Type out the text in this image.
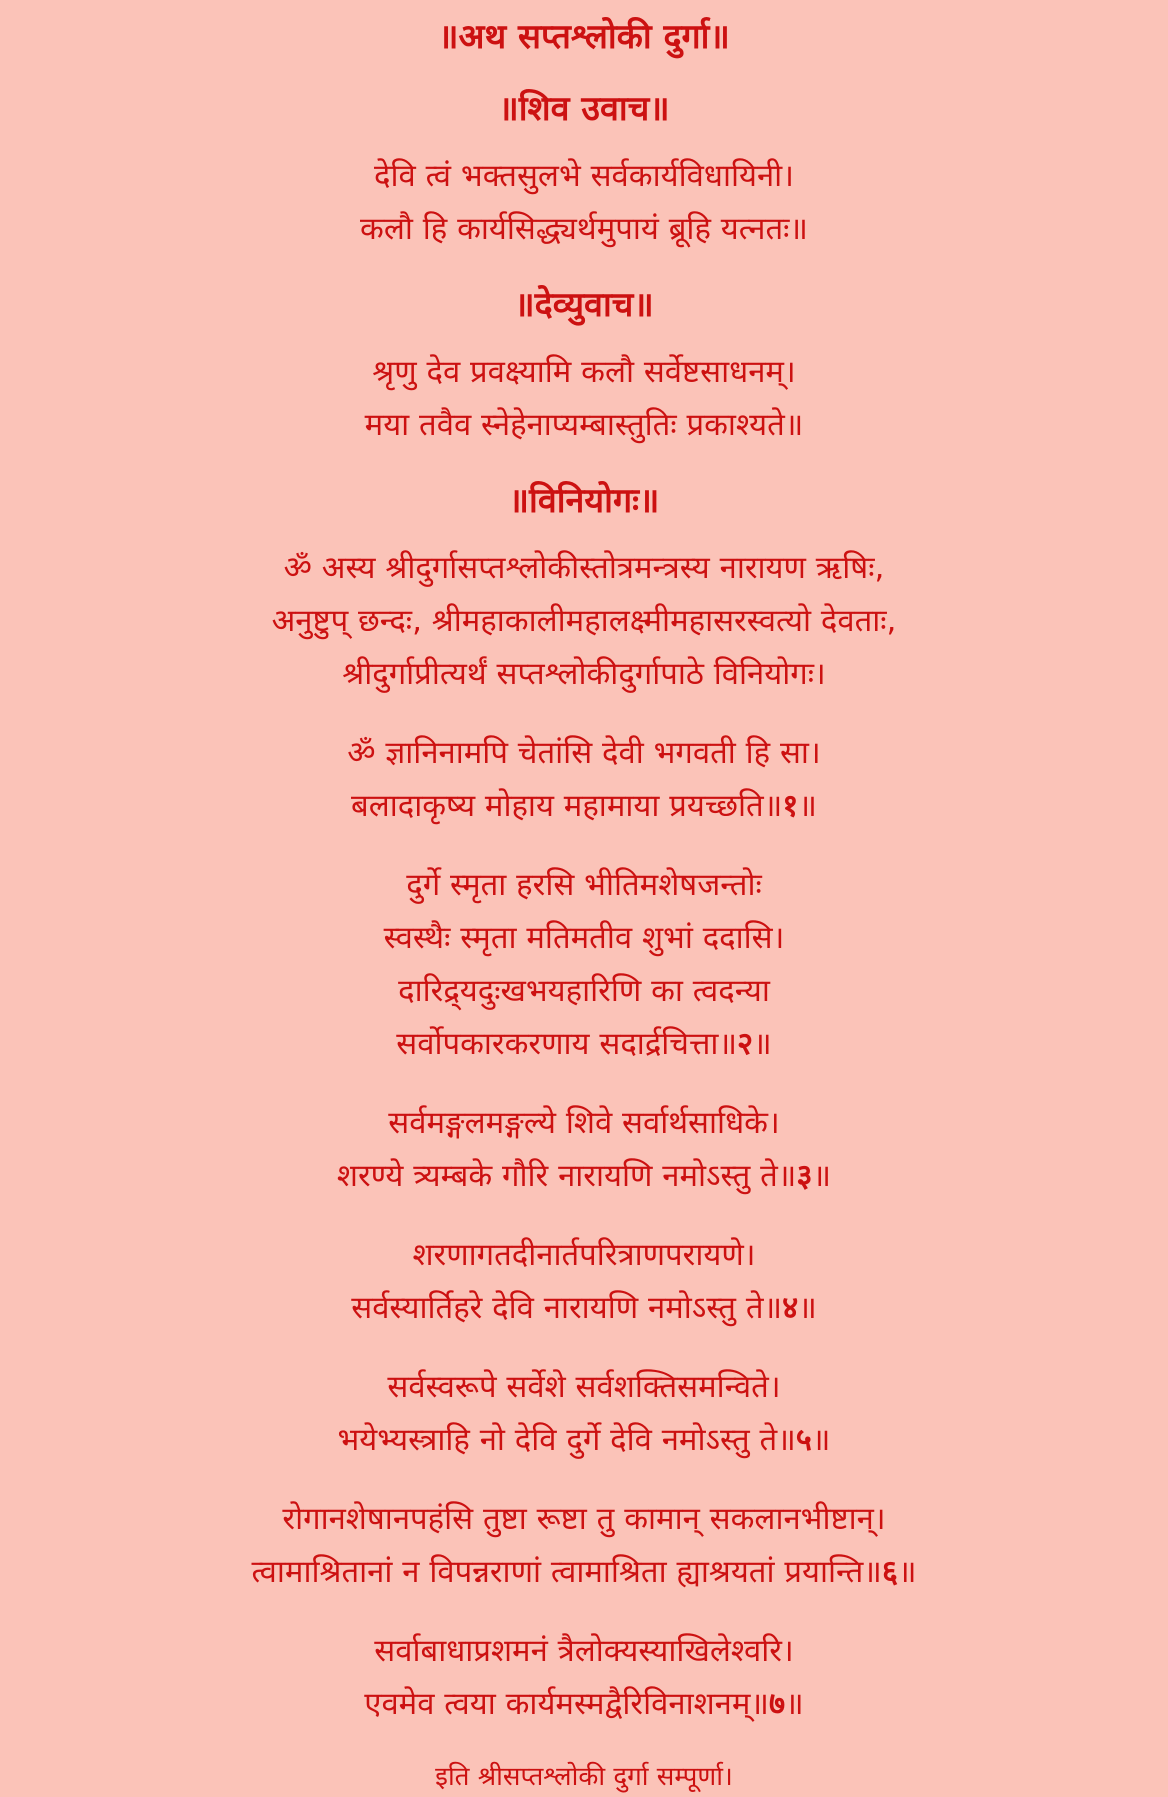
॥अथ सप्तश्लोकी दुर्गा॥
॥शिव उवाच॥
देवि त्वं भक्तसुलभे सर्वकार्यविधायिनी।
कलौ हि कार्यसिद्ध्यर्थमुपायं ब्रूहि यत्नतः॥
॥देव्युवाच॥
श्रृणु देव प्रवक्ष्यामि कलौ सर्वेष्टसाधनम्।
मया तवैव स्नेहेनाप्यम्बास्तुतिः प्रकाश्यते॥
॥विनियोगः॥
ॐ अस्य श्रीदुर्गासप्तश्लोकीस्तोत्रमन्त्रस्य नारायण ऋषिः,
अनुष्टुप् छन्दः, श्रीमहाकालीमहालक्ष्मीमहासरस्वत्यो देवताः,
श्रीदुर्गाप्रीत्यर्थं सप्तश्लोकीदुर्गापाठे विनियोगः।
ॐ ज्ञानिनामपि चेतांसि देवी भगवती हि सा।
बलादाकृष्य मोहाय महामाया प्रयच्छति॥१॥
दुर्गे स्मृता हरसि भीतिमशेषजन्तोः
स्वस्थैः स्मृता मतिमतीव शुभां ददासि।
दारिद्र्यदुःखभयहारिणि का त्वदन्या
सर्वोपकारकरणाय सदार्द्रचित्ता॥२॥
सर्वमङ्गलमङ्गल्ये शिवे सर्वार्थसाधिके।
शरण्ये त्र्यम्बके गौरि नारायणि नमोऽस्तु ते॥३॥
शरणागतदीनार्तपरित्राणपरायणे।
सर्वस्यार्तिहरे देवि नारायणि नमोऽस्तु ते॥४॥
सर्वस्वरूपे सर्वेशे सर्वशक्तिसमन्विते।
भयेभ्यस्त्राहि नो देवि दुर्गे देवि नमोऽस्तु ते॥५॥
रोगानशेषानपहंसि तुष्टा रूष्टा तु कामान् सकलानभीष्टान्।
त्वामाश्रितानां न विपन्नराणां त्वामाश्रिता ह्याश्रयतां प्रयान्ति॥६॥
सर्वाबाधाप्रशमनं त्रैलोक्यस्याखिलेश्वरि।
एवमेव त्वया कार्यमस्मद्वैरिविनाशनम्॥७॥
इति श्रीसप्तश्लोकी दुर्गा सम्पूर्णा।
